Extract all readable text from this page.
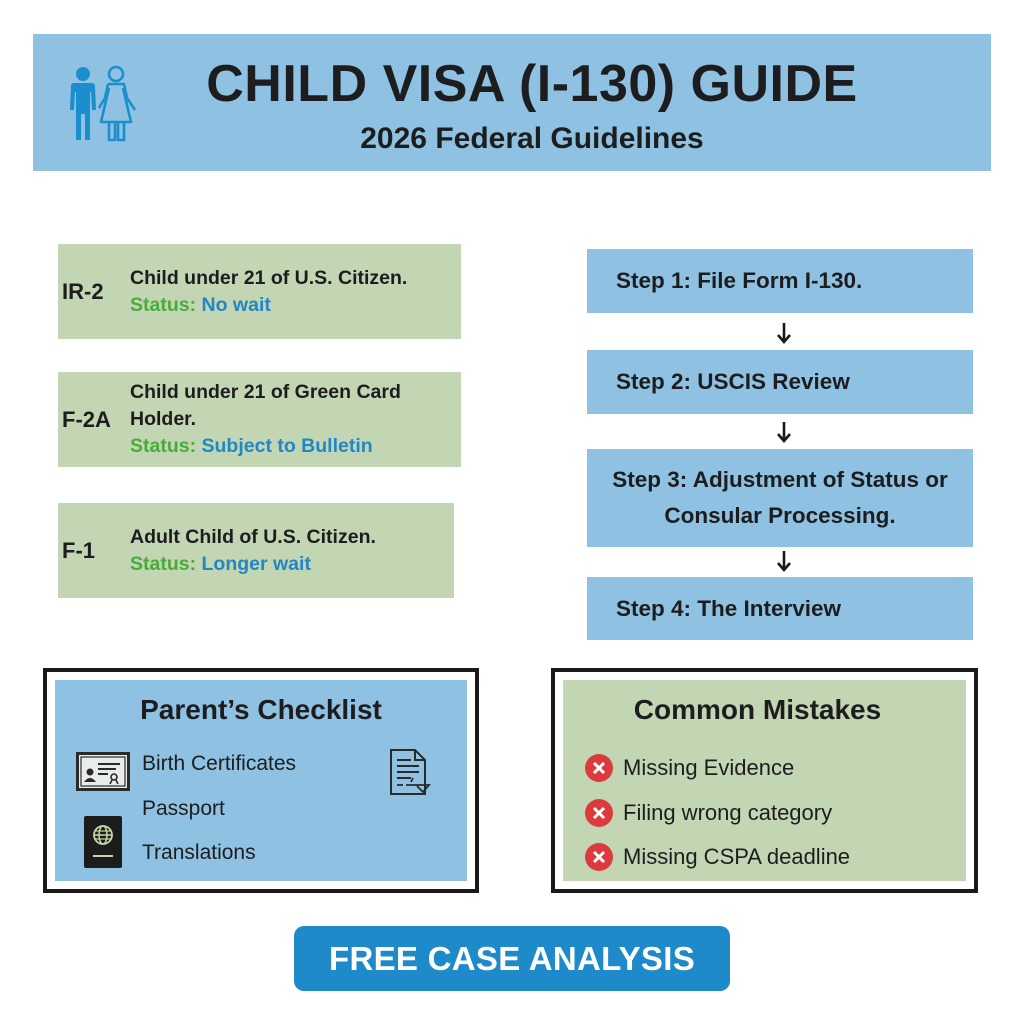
CHILD VISA (I-130) GUIDE
2026 Federal Guidelines
IR-2
Child under 21 of U.S. Citizen.
Status: No wait
F-2A
Child under 21 of Green Card
Holder.
Status: Subject to Bulletin
F-1
Adult Child of U.S. Citizen.
Status: Longer wait
Step 1: File Form I-130.
Step 2: USCIS Review
Step 3: Adjustment of Status or
Consular Processing.
Step 4: The Interview
Parent’s Checklist
Birth Certificates
Passport
Translations
Common Mistakes
Missing Evidence
Filing wrong category
Missing CSPA deadline
FREE CASE ANALYSIS
